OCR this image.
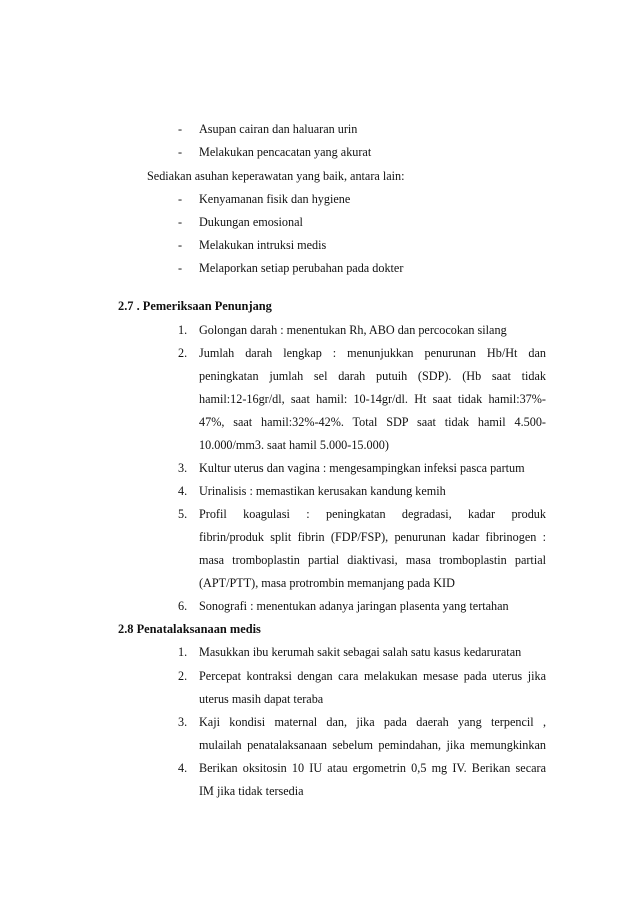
- Asupan cairan dan haluaran urin
- Melakukan pencacatan yang akurat
Sediakan asuhan keperawatan yang baik, antara lain:
- Kenyamanan fisik dan hygiene
- Dukungan emosional
- Melakukan intruksi medis
- Melaporkan setiap perubahan pada dokter
2.7 . Pemeriksaan Penunjang
1. Golongan darah : menentukan Rh, ABO dan percocokan silang
2. Jumlah darah lengkap : menunjukkan penurunan Hb/Ht dan
peningkatan jumlah sel darah putuih (SDP). (Hb saat tidak
hamil:12-16gr/dl, saat hamil: 10-14gr/dl. Ht saat tidak hamil:37%-
47%, saat hamil:32%-42%. Total SDP saat tidak hamil 4.500-
10.000/mm3. saat hamil 5.000-15.000)
3. Kultur uterus dan vagina : mengesampingkan infeksi pasca partum
4. Urinalisis : memastikan kerusakan kandung kemih
5. Profil koagulasi : peningkatan degradasi, kadar produk
fibrin/produk split fibrin (FDP/FSP), penurunan kadar fibrinogen :
masa tromboplastin partial diaktivasi, masa tromboplastin partial
(APT/PTT), masa protrombin memanjang pada KID
6. Sonografi : menentukan adanya jaringan plasenta yang tertahan
2.8 Penatalaksanaan medis
1. Masukkan ibu kerumah sakit sebagai salah satu kasus kedaruratan
2. Percepat kontraksi dengan cara melakukan mesase pada uterus jika
uterus masih dapat teraba
3. Kaji kondisi maternal dan, jika pada daerah yang terpencil ,
mulailah penatalaksanaan sebelum pemindahan, jika memungkinkan
4. Berikan oksitosin 10 IU atau ergometrin 0,5 mg IV. Berikan secara
IM jika tidak tersedia
